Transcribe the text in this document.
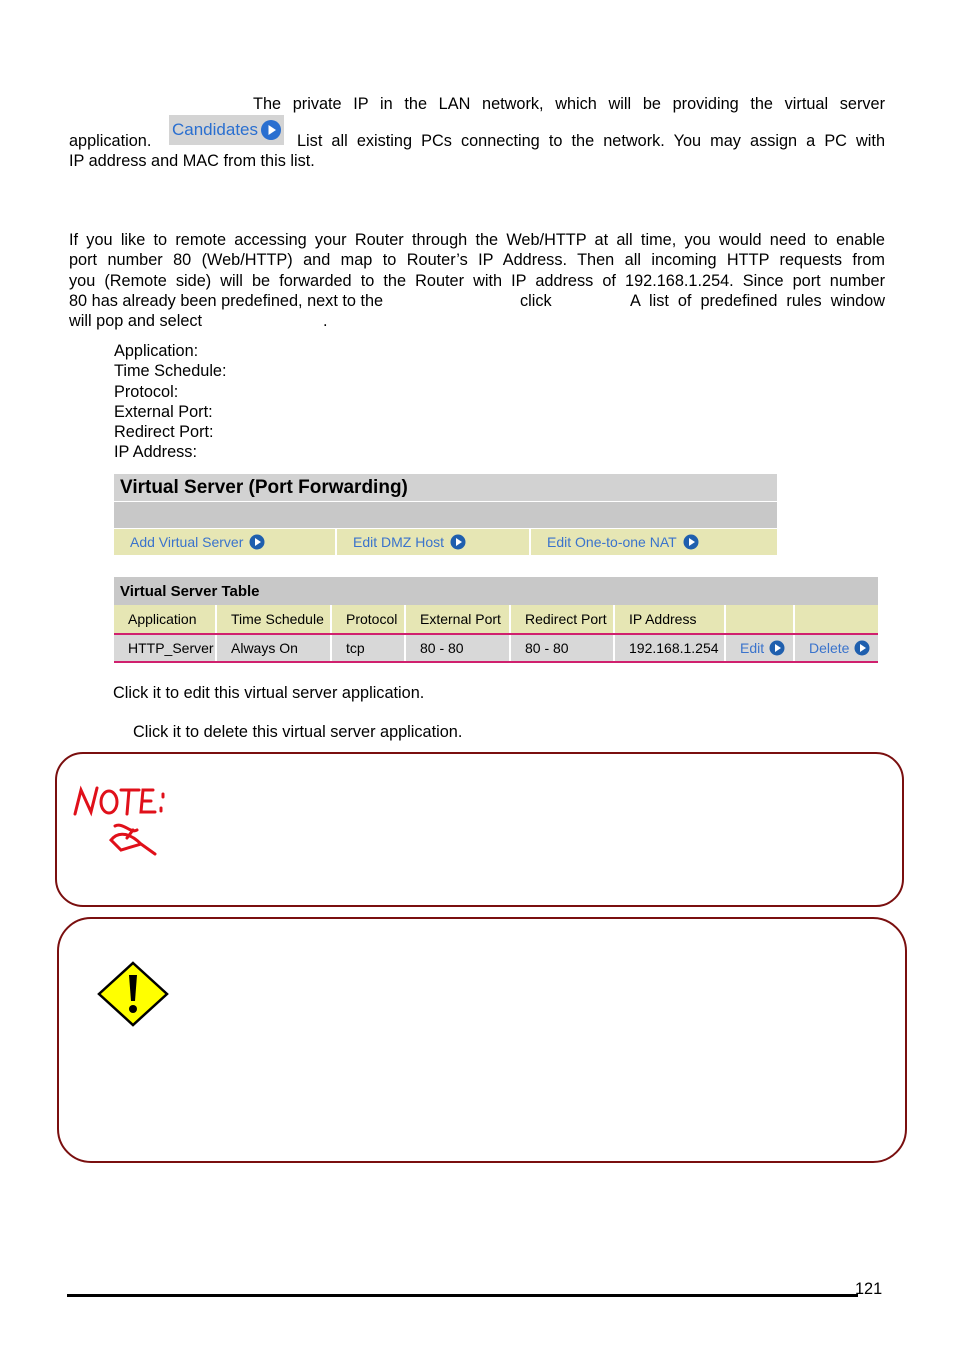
The private IP in the LAN network, which will be providing the virtual server
application.
Candidates
List all existing PCs connecting to the network. You may assign a PC with
IP address and MAC from this list.
If you like to remote accessing your Router through the Web/HTTP at all time, you would need to enable
port number 80 (Web/HTTP) and map to Router’s IP Address. Then all incoming HTTP requests from
you (Remote side) will be forwarded to the Router with IP address of 192.168.1.254. Since port number
80 has already been predefined, next to the	click	A list of predefined rules window
will pop and select	.
Application:
Time Schedule:
Protocol:
External Port:
Redirect Port:
IP Address:
Virtual Server (Port Forwarding)
Add Virtual Server	Edit DMZ Host	Edit One-to-one NAT
Virtual Server Table
Application	Time Schedule	Protocol	External Port	Redirect Port	IP Address
HTTP_Server	Always On	tcp	80 - 80	80 - 80	192.168.1.254	Edit	Delete
Click it to edit this virtual server application.
Click it to delete this virtual server application.
121
